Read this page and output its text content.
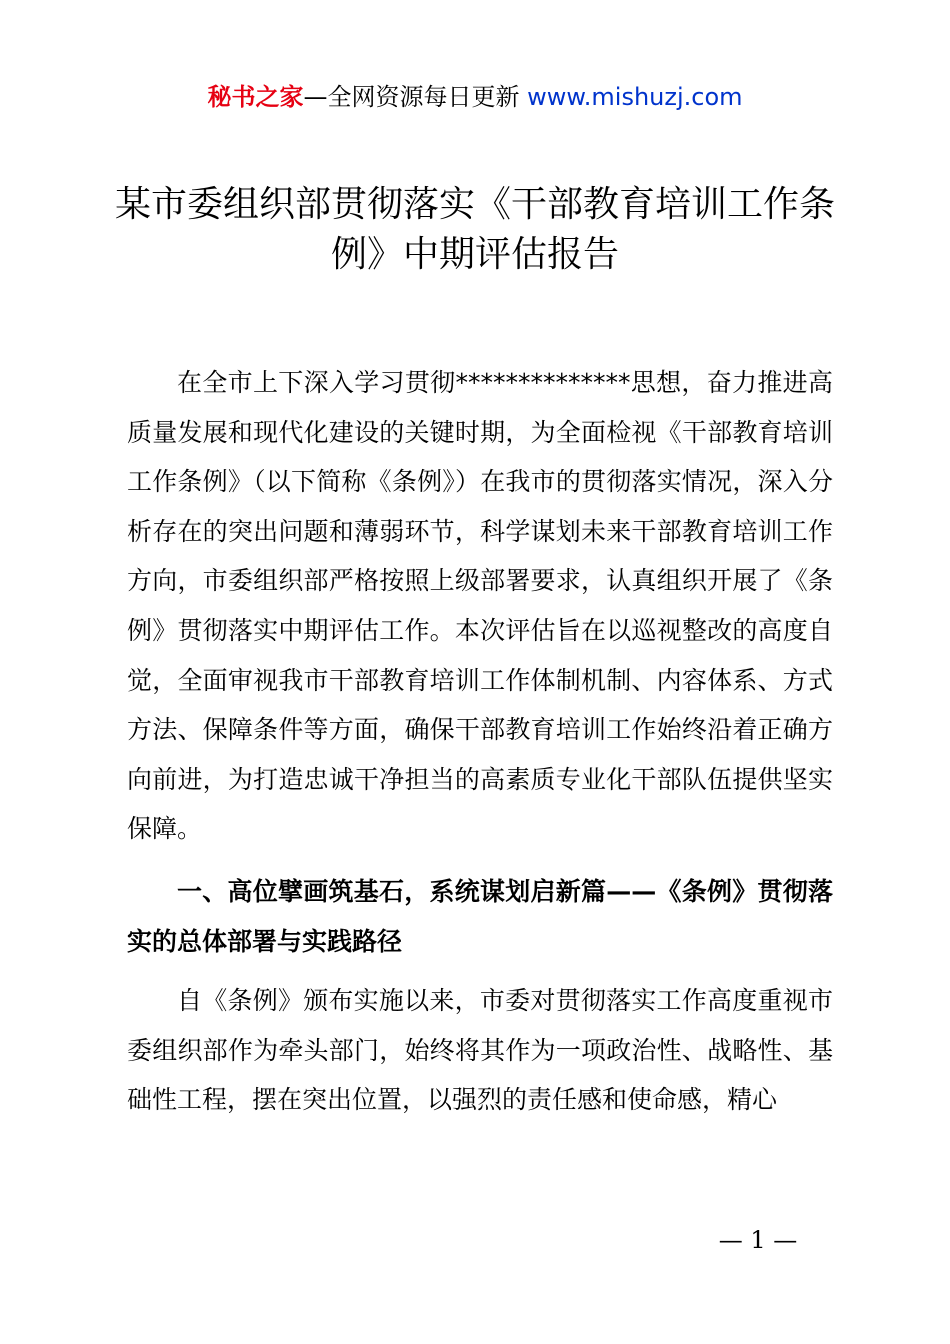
秘书之家—全网资源每日更新 www.mishuzj.com
某市委组织部贯彻落实《干部教育培训工作条例》中期评估报告

在全市上下深入学习贯彻**************思想，奋力推进高质量发展和现代化建设的关键时期，为全面检视《干部教育培训工作条例》（以下简称《条例》）在我市的贯彻落实情况，深入分析存在的突出问题和薄弱环节，科学谋划未来干部教育培训工作方向，市委组织部严格按照上级部署要求，认真组织开展了《条例》贯彻落实中期评估工作。本次评估旨在以巡视整改的高度自觉，全面审视我市干部教育培训工作体制机制、内容体系、方式方法、保障条件等方面，确保干部教育培训工作始终沿着正确方向前进，为打造忠诚干净担当的高素质专业化干部队伍提供坚实保障。

一、高位擘画筑基石，系统谋划启新篇——《条例》贯彻落实的总体部署与实践路径

自《条例》颁布实施以来，市委对贯彻落实工作高度重视市委组织部作为牵头部门，始终将其作为一项政治性、战略性、基础性工程，摆在突出位置，以强烈的责任感和使命感，精心

— 1 —
